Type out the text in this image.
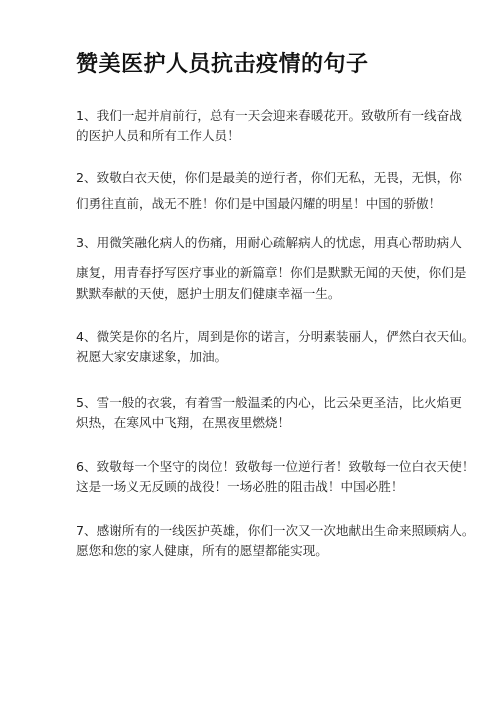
赞美医护人员抗击疫情的句子
1、我们一起并肩前行，总有一天会迎来春暖花开。致敬所有一线奋战
的医护人员和所有工作人员！
2、致敬白衣天使，你们是最美的逆行者，你们无私，无畏，无惧，你
们勇往直前，战无不胜！你们是中国最闪耀的明星！中国的骄傲！
3、用微笑融化病人的伤痛，用耐心疏解病人的忧虑，用真心帮助病人
康复，用青春抒写医疗事业的新篇章！你们是默默无闻的天使，你们是
默默奉献的天使，愿护士朋友们健康幸福一生。
4、微笑是你的名片，周到是你的诺言，分明素装丽人，俨然白衣天仙。
祝愿大家安康逑象，加油。
5、雪一般的衣裳，有着雪一般温柔的内心，比云朵更圣洁，比火焰更
炽热，在寒风中飞翔，在黑夜里燃烧！
6、致敬每一个坚守的岗位！致敬每一位逆行者！致敬每一位白衣天使！
这是一场义无反顾的战役！一场必胜的阻击战！中国必胜！
7、感谢所有的一线医护英雄，你们一次又一次地献出生命来照顾病人。
愿您和您的家人健康，所有的愿望都能实现。
